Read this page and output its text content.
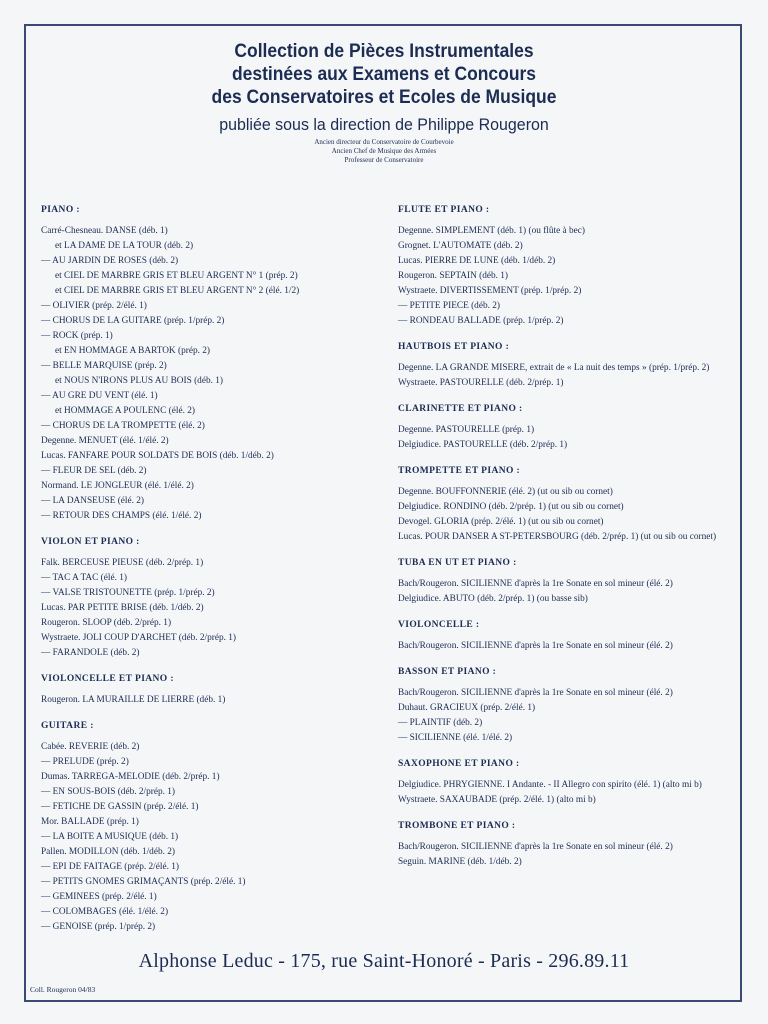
Collection de Pièces Instrumentales
destinées aux Examens et Concours
des Conservatoires et Ecoles de Musique
publiée sous la direction de Philippe Rougeron
Ancien directeur du Conservatoire de Courbevoie
Ancien Chef de Musique des Armées
Professeur de Conservatoire
PIANO :
Carré-Chesneau. DANSE (déb. 1)
et LA DAME DE LA TOUR (déb. 2)
— AU JARDIN DE ROSES (déb. 2)
et CIEL DE MARBRE GRIS ET BLEU ARGENT N° 1 (prép. 2)
et CIEL DE MARBRE GRIS ET BLEU ARGENT N° 2 (élé. 1/2)
— OLIVIER (prép. 2/élé. 1)
— CHORUS DE LA GUITARE (prép. 1/prép. 2)
— ROCK (prép. 1)
et EN HOMMAGE A BARTOK (prép. 2)
— BELLE MARQUISE (prép. 2)
et NOUS N'IRONS PLUS AU BOIS (déb. 1)
— AU GRE DU VENT (élé. 1)
et HOMMAGE A POULENC (élé. 2)
— CHORUS DE LA TROMPETTE (élé. 2)
Degenne. MENUET (élé. 1/élé. 2)
Lucas. FANFARE POUR SOLDATS DE BOIS (déb. 1/déb. 2)
— FLEUR DE SEL (déb. 2)
Normand. LE JONGLEUR (élé. 1/élé. 2)
— LA DANSEUSE (élé. 2)
— RETOUR DES CHAMPS (élé. 1/élé. 2)
VIOLON ET PIANO :
Falk. BERCEUSE PIEUSE (déb. 2/prép. 1)
— TAC A TAC (élé. 1)
— VALSE TRISTOUNETTE (prép. 1/prép. 2)
Lucas. PAR PETITE BRISE (déb. 1/déb. 2)
Rougeron. SLOOP (déb. 2/prép. 1)
Wystraete. JOLI COUP D'ARCHET (déb. 2/prép. 1)
— FARANDOLE (déb. 2)
VIOLONCELLE ET PIANO :
Rougeron. LA MURAILLE DE LIERRE (déb. 1)
GUITARE :
Cabée. REVERIE (déb. 2)
— PRELUDE (prép. 2)
Dumas. TARREGA-MELODIE (déb. 2/prép. 1)
— EN SOUS-BOIS (déb. 2/prép. 1)
— FETICHE DE GASSIN (prép. 2/élé. 1)
Mor. BALLADE (prép. 1)
— LA BOITE A MUSIQUE (déb. 1)
Pallen. MODILLON (déb. 1/déb. 2)
— EPI DE FAITAGE (prép. 2/élé. 1)
— PETITS GNOMES GRIMAÇANTS (prép. 2/élé. 1)
— GEMINEES (prép. 2/élé. 1)
— COLOMBAGES (élé. 1/élé. 2)
— GENOISE (prép. 1/prép. 2)
FLUTE ET PIANO :
Degenne. SIMPLEMENT (déb. 1) (ou flûte à bec)
Grognet. L'AUTOMATE (déb. 2)
Lucas. PIERRE DE LUNE (déb. 1/déb. 2)
Rougeron. SEPTAIN (déb. 1)
Wystraete. DIVERTISSEMENT (prép. 1/prép. 2)
— PETITE PIECE (déb. 2)
— RONDEAU BALLADE (prép. 1/prép. 2)
HAUTBOIS ET PIANO :
Degenne. LA GRANDE MISERE, extrait de « La nuit des temps » (prép. 1/prép. 2)
Wystraete. PASTOURELLE (déb. 2/prép. 1)
CLARINETTE ET PIANO :
Degenne. PASTOURELLE (prép. 1)
Delgiudice. PASTOURELLE (déb. 2/prép. 1)
TROMPETTE ET PIANO :
Degenne. BOUFFONNERIE (élé. 2) (ut ou sib ou cornet)
Delgiudice. RONDINO (déb. 2/prép. 1) (ut ou sib ou cornet)
Devogel. GLORIA (prép. 2/élé. 1) (ut ou sib ou cornet)
Lucas. POUR DANSER A ST-PETERSBOURG (déb. 2/prép. 1) (ut ou sib ou cornet)
TUBA EN UT ET PIANO :
Bach/Rougeron. SICILIENNE d'après la 1re Sonate en sol mineur (élé. 2)
Delgiudice. ABUTO (déb. 2/prép. 1) (ou basse sib)
VIOLONCELLE :
Bach/Rougeron. SICILIENNE d'après la 1re Sonate en sol mineur (élé. 2)
BASSON ET PIANO :
Bach/Rougeron. SICILIENNE d'après la 1re Sonate en sol mineur (élé. 2)
Duhaut. GRACIEUX (prép. 2/élé. 1)
— PLAINTIF (déb. 2)
— SICILIENNE (élé. 1/élé. 2)
SAXOPHONE ET PIANO :
Delgiudice. PHRYGIENNE. I Andante. - II Allegro con spirito (élé. 1) (alto mi b)
Wystraete. SAXAUBADE (prép. 2/élé. 1) (alto mi b)
TROMBONE ET PIANO :
Bach/Rougeron. SICILIENNE d'après la 1re Sonate en sol mineur (élé. 2)
Seguin. MARINE (déb. 1/déb. 2)
Alphonse Leduc - 175, rue Saint-Honoré - Paris - 296.89.11
Coll. Rougeron 04/83
